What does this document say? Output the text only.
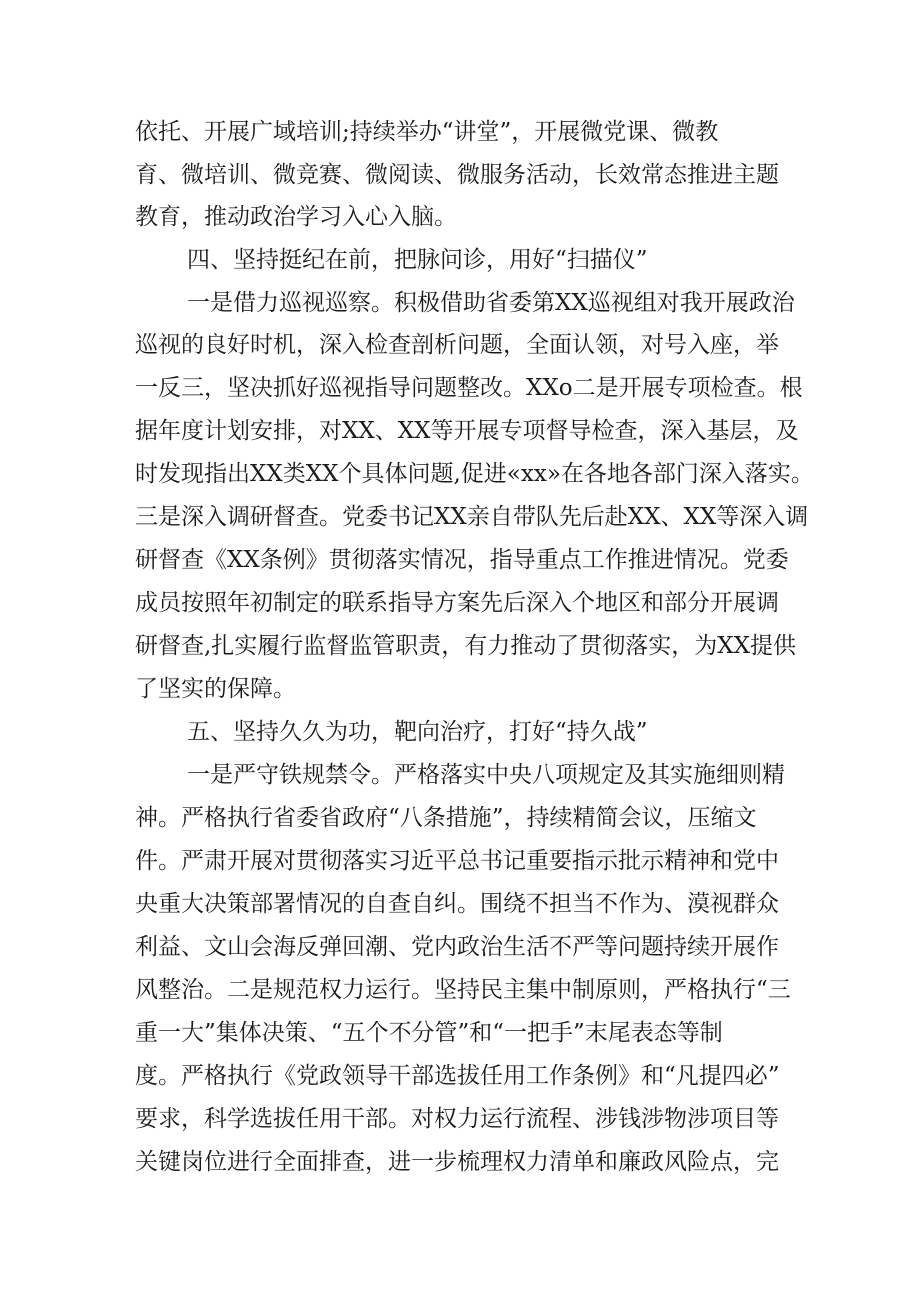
依托、开展广域培训;持续举办“讲堂”，开展微党课、微教

育、微培训、微竞赛、微阅读、微服务活动，长效常态推进主题

教育，推动政治学习入心入脑。

四、坚持挺纪在前，把脉问诊，用好“扫描仪”

一是借力巡视巡察。积极借助省委第XX巡视组对我开展政治

巡视的良好时机，深入检查剖析问题，全面认领，对号入座，举

一反三，坚决抓好巡视指导问题整改。XXo二是开展专项检查。根

据年度计划安排，对XX、XX等开展专项督导检查，深入基层，及

时发现指出XX类XX个具体问题,促进«xx»在各地各部门深入落实。

三是深入调研督查。党委书记XX亲自带队先后赴XX、XX等深入调

研督查《XX条例》贯彻落实情况，指导重点工作推进情况。党委

成员按照年初制定的联系指导方案先后深入个地区和部分开展调

研督查,扎实履行监督监管职责，有力推动了贯彻落实，为XX提供

了坚实的保障。

五、坚持久久为功，靶向治疗，打好“持久战”

一是严守铁规禁令。严格落实中央八项规定及其实施细则精

神。严格执行省委省政府“八条措施”，持续精简会议，压缩文

件。严肃开展对贯彻落实习近平总书记重要指示批示精神和党中

央重大决策部署情况的自查自纠。围绕不担当不作为、漠视群众

利益、文山会海反弹回潮、党内政治生活不严等问题持续开展作

风整治。二是规范权力运行。坚持民主集中制原则，严格执行“三

重一大”集体决策、“五个不分管”和“一把手”末尾表态等制

度。严格执行《党政领导干部选拔任用工作条例》和“凡提四必”

要求，科学选拔任用干部。对权力运行流程、涉钱涉物涉项目等

关键岗位进行全面排查，进一步梳理权力清单和廉政风险点，完
